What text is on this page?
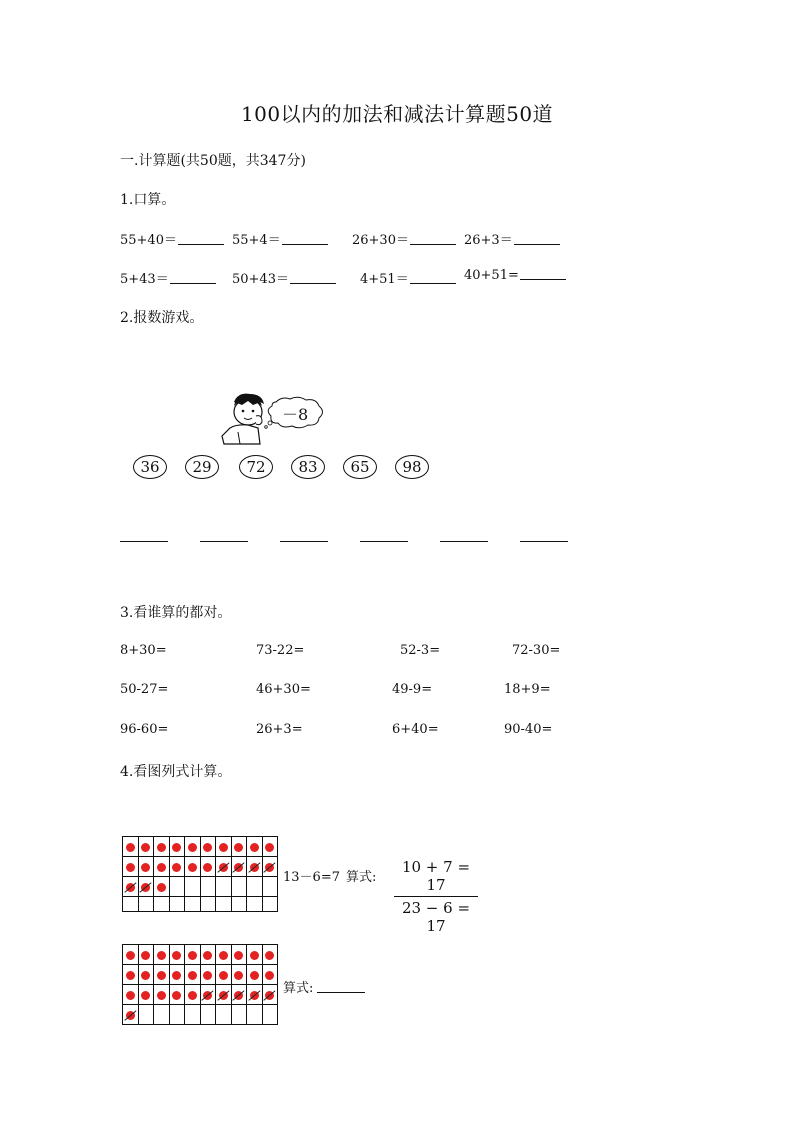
100以内的加法和减法计算题50道
一.计算题(共50题，共347分)
1.口算。
55+40＝	55+4＝	26+30＝	26+3＝
5+43＝	50+43＝	4+51＝	40+51=
2.报数游戏。
－8
36	29	72	83	65	98
3.看谁算的都对。
8+30=	73-22=	52-3=	72-30=
50-27=	46+30=	49-9=	18+9=
96-60=	26+3=	6+40=	90-40=
4.看图列式计算。

13－6=7 算式:
10 + 7 = 17
23 − 6 = 17

算式:
